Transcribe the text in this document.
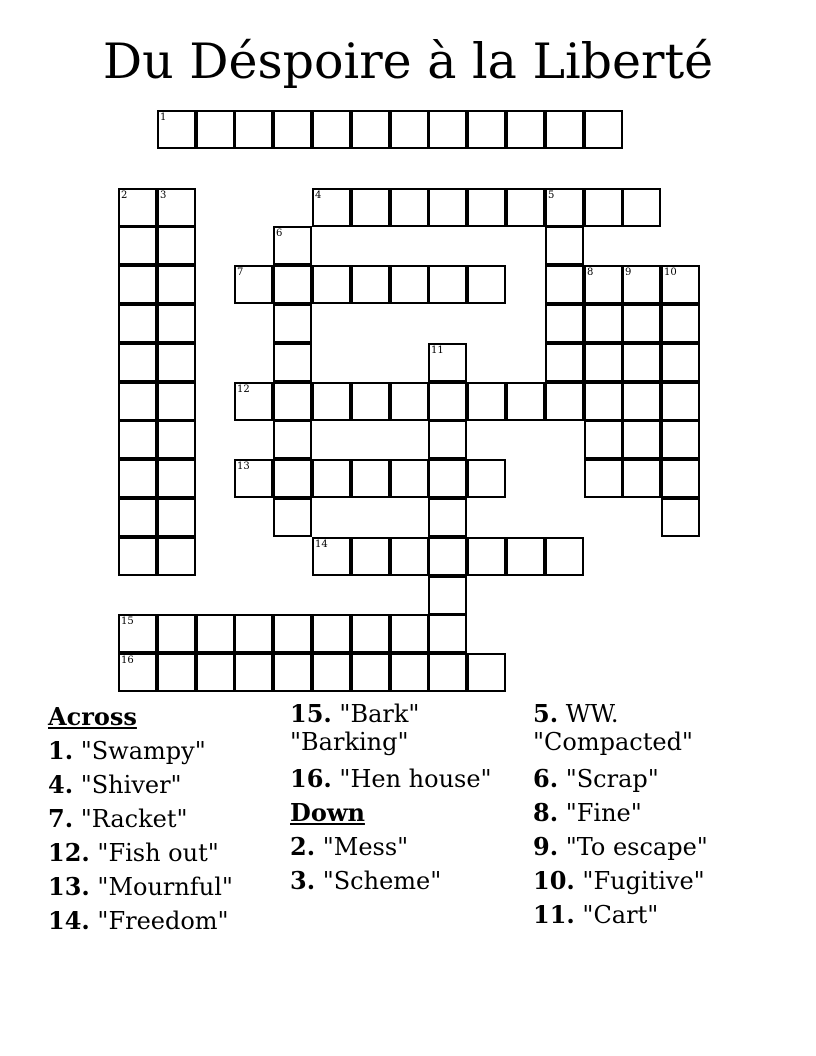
Du Déspoire à la Liberté
1
2	3	4	5
6
7	8	9	10
11
12
13
14
15
16
Across
1. "Swampy"
4. "Shiver"
7. "Racket"
12. "Fish out"
13. "Mournful"
14. "Freedom"
15. "Bark" "Barking"
16. "Hen house"
Down
2. "Mess"
3. "Scheme"
5. WW. "Compacted"
6. "Scrap"
8. "Fine"
9. "To escape"
10. "Fugitive"
11. "Cart"
